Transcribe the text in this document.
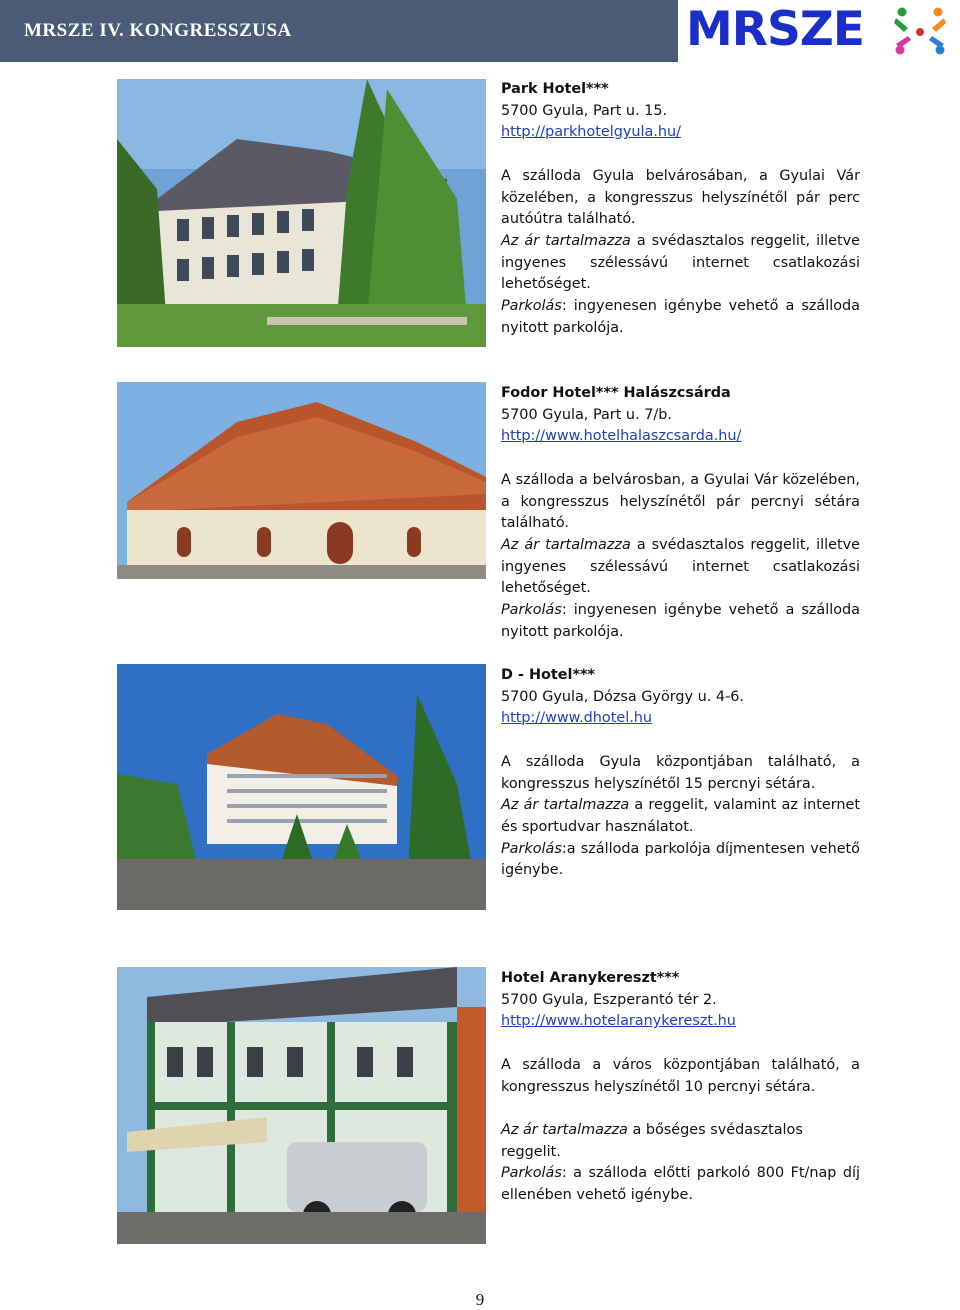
MRSZE IV. KONGRESSZUSA	MRSZE

Park Hotel***

5700 Gyula, Part u. 15.

http://parkhotelgyula.hu/

A szálloda Gyula belvárosában, a Gyulai Vár

közelében, a kongresszus helyszínétől pár perc

autóútra található.

Az ár tartalmazza a svédasztalos reggelit, illetve

ingyenes szélessávú internet csatlakozási

lehetőséget.

Parkolás: ingyenesen igénybe vehető a szálloda

nyitott parkolója.

Fodor Hotel*** Halászcsárda

5700 Gyula, Part u. 7/b.

http://www.hotelhalaszcsarda.hu/

A szálloda a belvárosban, a Gyulai Vár közelében,

a kongresszus helyszínétől pár percnyi sétára

található.

Az ár tartalmazza a svédasztalos reggelit, illetve

ingyenes szélessávú internet csatlakozási

lehetőséget.

Parkolás: ingyenesen igénybe vehető a szálloda

nyitott parkolója.

D - Hotel***

5700 Gyula, Dózsa György u. 4-6.

http://www.dhotel.hu

A szálloda Gyula központjában található, a

kongresszus helyszínétől 15 percnyi sétára.

Az ár tartalmazza a reggelit, valamint az internet

és sportudvar használatot.

Parkolás:a szálloda parkolója díjmentesen vehető

igénybe.

Hotel Aranykereszt***

5700 Gyula, Eszperantó tér 2.

http://www.hotelaranykereszt.hu

A szálloda a város központjában található, a

kongresszus helyszínétől 10 percnyi sétára.

Az ár tartalmazza a bőséges svédasztalos reggelit.

Parkolás: a szálloda előtti parkoló 800 Ft/nap díj

ellenében vehető igénybe.

9
